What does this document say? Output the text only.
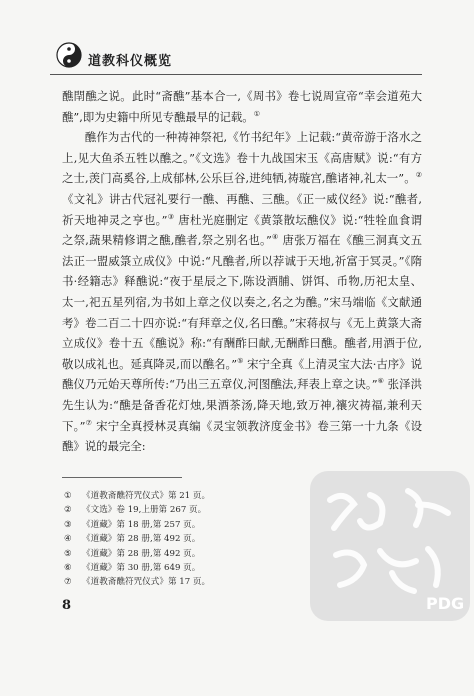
道教科仪概览

醮閈醮之说。此时“斋醮”基本合一,《周书》卷七说周宣帝“幸会道苑大醮”,即为史籍中所见专醮最早的记载。①

醮作为古代的一种祷神祭祀,《竹书纪年》上记载:“黄帝游于洛水之上,见大鱼杀五牲以醮之。”《文选》卷十九战国宋玉《高唐赋》说:“有方之士,羡门高奚谷,上成郁林,公乐巨谷,进纯牺,祷璇宫,醮诸神,礼太一”。②《文礼》讲古代冠礼要行一醮、再醮、三醮。《正一威仪经》说:“醮者,祈天地神灵之亨也。”③ 唐杜光庭删定《黄箓散坛醮仪》说:“牲牷血食谓之祭,蔬果精修谓之醮,醮者,祭之别名也。”④ 唐张万福在《醮三洞真文五法正一盟威箓立成仪》中说:“凡醮者,所以荐诚于天地,祈富于冥灵。”《隋书·经籍志》释醮说:“夜于星辰之下,陈设酒脯、饼饵、币物,历祀太皇、太一,祀五星列宿,为书如上章之仪以奏之,名之为醮。”宋马端临《文献通考》卷二百二十四亦说:“有拜章之仪,名曰醮。”宋蒋叔与《无上黄箓大斋立成仪》卷十五《醮说》称:“有酬酢曰献,无酬酢曰醮。醮者,用酒于位,敬以成礼也。延真降灵,而以醮名。”⑤ 宋宁全真《上清灵宝大法·古序》说醮仪乃元始天尊所传:“乃出三五章仪,河图醮法,拜表上章之诀。”⑥ 张泽洪先生认为:“醮是备香花灯烛,果酒茶汤,降天地,致万神,禳灾祷福,兼利天下。”⑦ 宋宁全真授林灵真编《灵宝领教济度金书》卷三第一十九条《设醮》说的最完全:

① 《道教斋醮符咒仪式》第 21 页。
② 《文选》卷 19,上册第 267 页。
③ 《道藏》第 18 册,第 257 页。
④ 《道藏》第 28 册,第 492 页。
⑤ 《道藏》第 28 册,第 492 页。
⑥ 《道藏》第 30 册,第 649 页。
⑦ 《道教斋醮符咒仪式》第 17 页。
8	PDG
